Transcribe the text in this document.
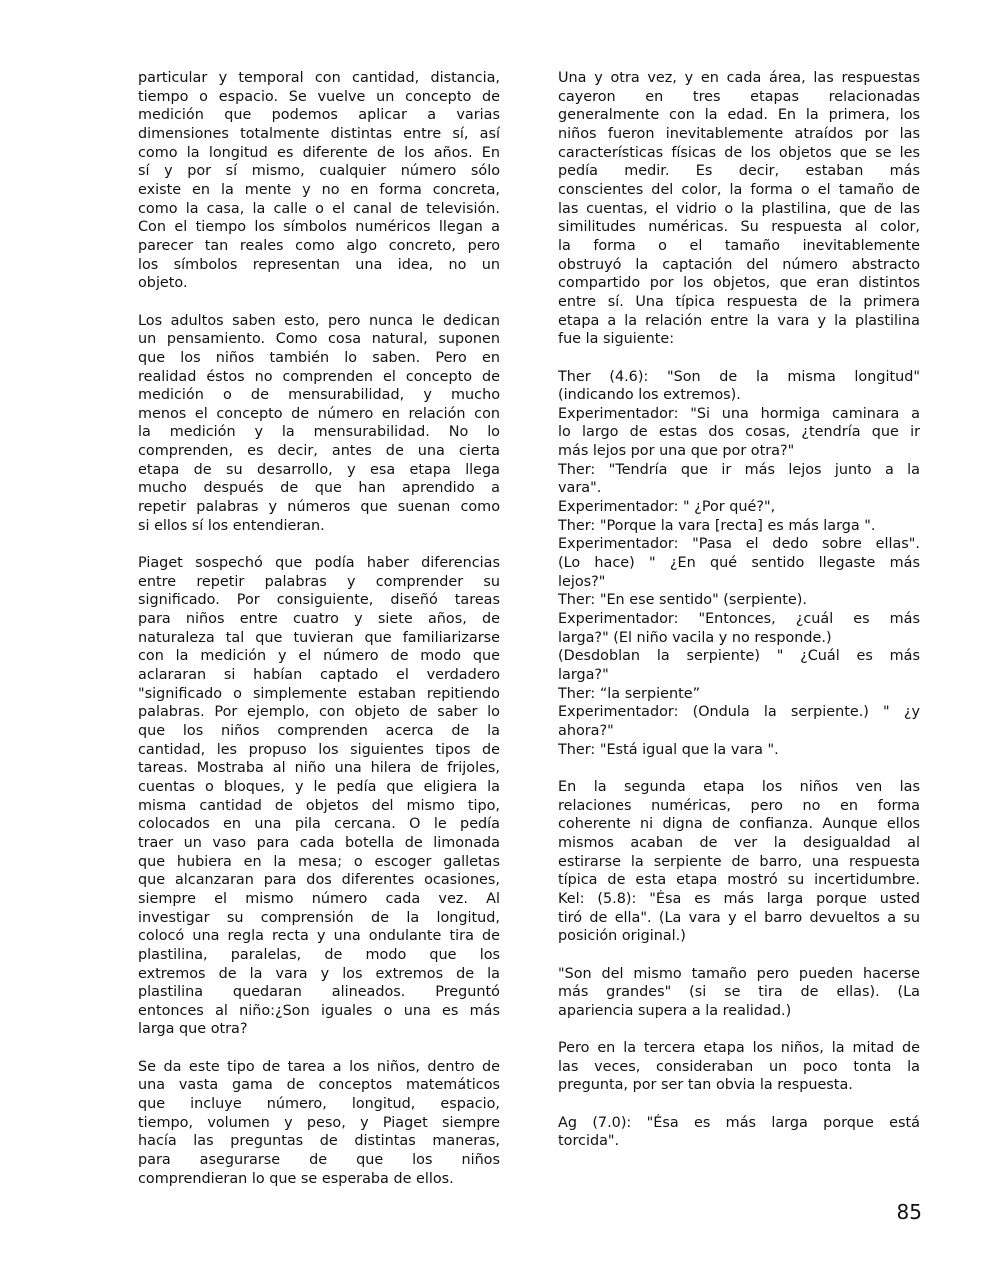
particular y temporal con cantidad, distancia,
tiempo o espacio. Se vuelve un concepto de
medición que podemos aplicar a varias
dimensiones totalmente distintas entre sí, así
como la longitud es diferente de los años. En
sí y por sí mismo, cualquier número sólo
existe en la mente y no en forma concreta,
como la casa, la calle o el canal de televisión.
Con el tiempo los símbolos numéricos llegan a
parecer tan reales como algo concreto, pero
los símbolos representan una idea, no un
objeto.
Los adultos saben esto, pero nunca le dedican
un pensamiento. Como cosa natural, suponen
que los niños también lo saben. Pero en
realidad éstos no comprenden el concepto de
medición o de mensurabilidad, y mucho
menos el concepto de número en relación con
la medición y la mensurabilidad. No lo
comprenden, es decir, antes de una cierta
etapa de su desarrollo, y esa etapa llega
mucho después de que han aprendido a
repetir palabras y números que suenan como
si ellos sí los entendieran.
Piaget sospechó que podía haber diferencias
entre repetir palabras y comprender su
significado. Por consiguiente, diseñó tareas
para niños entre cuatro y siete años, de
naturaleza tal que tuvieran que familiarizarse
con la medición y el número de modo que
aclararan si habían captado el verdadero
"significado o simplemente estaban repitiendo
palabras. Por ejemplo, con objeto de saber lo
que los niños comprenden acerca de la
cantidad, les propuso los siguientes tipos de
tareas. Mostraba al niño una hilera de frijoles,
cuentas o bloques, y le pedía que eligiera la
misma cantidad de objetos del mismo tipo,
colocados en una pila cercana. O le pedía
traer un vaso para cada botella de limonada
que hubiera en la mesa; o escoger galletas
que alcanzaran para dos diferentes ocasiones,
siempre el mismo número cada vez. Al
investigar su comprensión de la longitud,
colocó una regla recta y una ondulante tira de
plastilina, paralelas, de modo que los
extremos de la vara y los extremos de la
plastilina quedaran alineados. Preguntó
entonces al niño:¿Son iguales o una es más
larga que otra?
Se da este tipo de tarea a los niños, dentro de
una vasta gama de conceptos matemáticos
que incluye número, longitud, espacio,
tiempo, volumen y peso, y Piaget siempre
hacía las preguntas de distintas maneras,
para asegurarse de que los niños
comprendieran lo que se esperaba de ellos.
Una y otra vez, y en cada área, las respuestas
cayeron en tres etapas relacionadas
generalmente con la edad. En la primera, los
niños fueron inevitablemente atraídos por las
características físicas de los objetos que se les
pedía medir. Es decir, estaban más
conscientes del color, la forma o el tamaño de
las cuentas, el vidrio o la plastilina, que de las
similitudes numéricas. Su respuesta al color,
la forma o el tamaño inevitablemente
obstruyó la captación del número abstracto
compartido por los objetos, que eran distintos
entre sí. Una típica respuesta de la primera
etapa a la relación entre la vara y la plastilina
fue la siguiente:
Ther (4.6): "Son de la misma longitud"
(indicando los extremos).
Experimentador: "Si una hormiga caminara a
lo largo de estas dos cosas, ¿tendría que ir
más lejos por una que por otra?"
Ther: "Tendría que ir más lejos junto a la
vara".
Experimentador: " ¿Por qué?",
Ther: "Porque la vara [recta] es más larga ".
Experimentador: "Pasa el dedo sobre ellas".
(Lo hace) " ¿En qué sentido llegaste más
lejos?"
Ther: "En ese sentido" (serpiente).
Experimentador: "Entonces, ¿cuál es más
larga?" (El niño vacila y no responde.)
(Desdoblan la serpiente) " ¿Cuál es más
larga?"
Ther: “la serpiente”
Experimentador: (Ondula la serpiente.) " ¿y
ahora?"
Ther: "Está igual que la vara ".
En la segunda etapa los niños ven las
relaciones numéricas, pero no en forma
coherente ni digna de confianza. Aunque ellos
mismos acaban de ver la desigualdad al
estirarse la serpiente de barro, una respuesta
típica de esta etapa mostró su incertidumbre.
Kel: (5.8): "Ésa es más larga porque usted
tiró de ella". (La vara y el barro devueltos a su
posición original.)
"Son del mismo tamaño pero pueden hacerse
más grandes" (si se tira de ellas). (La
apariencia supera a la realidad.)
Pero en la tercera etapa los niños, la mitad de
las veces, consideraban un poco tonta la
pregunta, por ser tan obvia la respuesta.
Ag (7.0): "Ésa es más larga porque está
torcida".
85
